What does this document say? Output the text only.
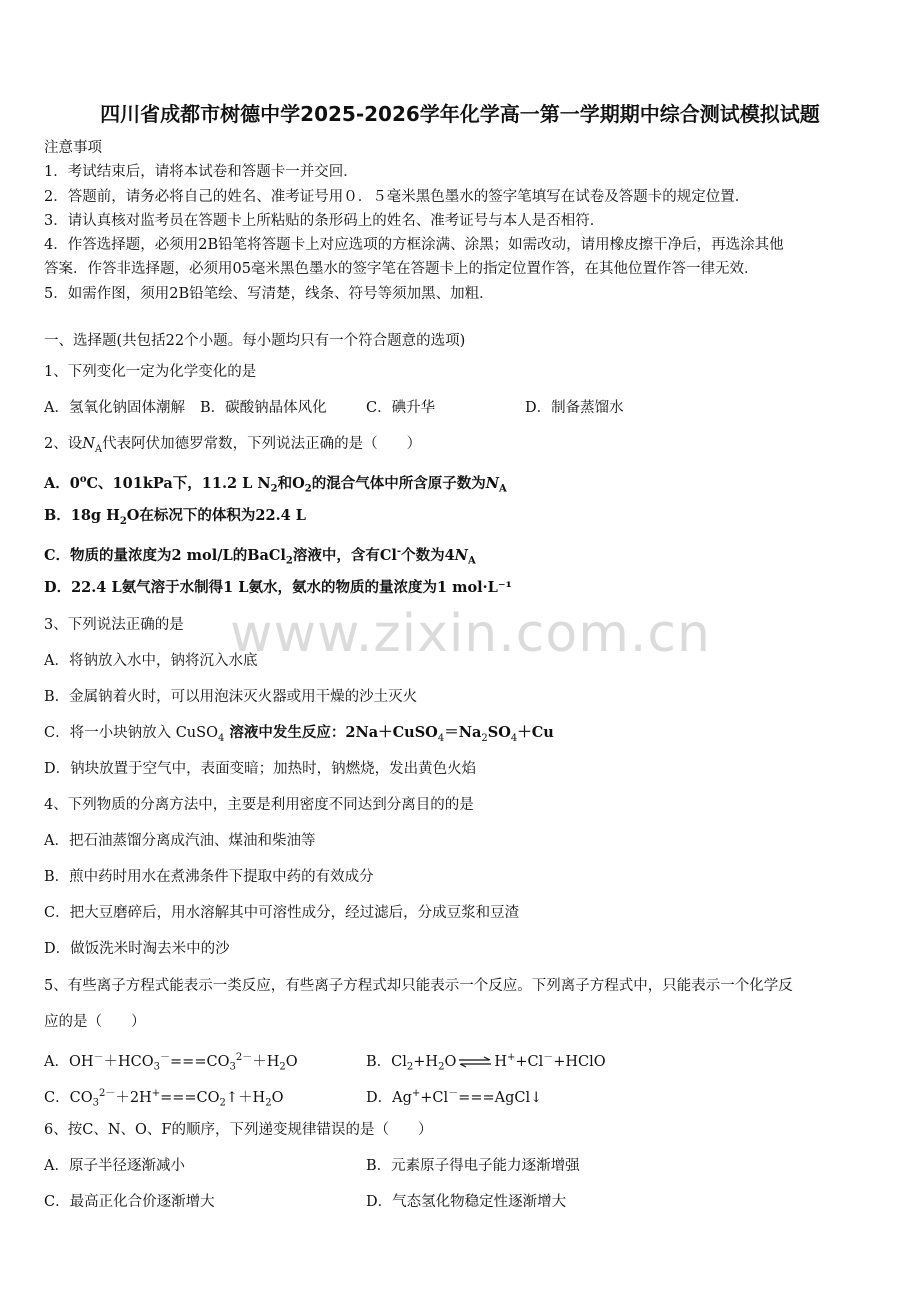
www.zixin.com.cn
四川省成都市树德中学2025-2026学年化学高一第一学期期中综合测试模拟试题
注意事项
1．考试结束后，请将本试卷和答题卡一并交回．
2．答题前，请务必将自己的姓名、准考证号用０．５毫米黑色墨水的签字笔填写在试卷及答题卡的规定位置．
3．请认真核对监考员在答题卡上所粘贴的条形码上的姓名、准考证号与本人是否相符．
4．作答选择题，必须用2B铅笔将答题卡上对应选项的方框涂满、涂黑；如需改动，请用橡皮擦干净后，再选涂其他
答案．作答非选择题，必须用05毫米黑色墨水的签字笔在答题卡上的指定位置作答，在其他位置作答一律无效．
5．如需作图，须用2B铅笔绘、写清楚，线条、符号等须加黑、加粗．
一、选择题(共包括22个小题。每小题均只有一个符合题意的选项)
1、下列变化一定为化学变化的是
A．氢氧化钠固体潮解 B．碳酸钠晶体风化	C．碘升华	D．制备蒸馏水
2、设$N_A$代表阿伏加德罗常数，下列说法正确的是（　　）
A．0$^o$C、101kPa下，11.2 L $N_2$和$O_2$的混合气体中所含原子数为$N_A$
B．18g $H_2O$在标况下的体积为22.4 L
C．物质的量浓度为2 mol/L的BaCl$_2$溶液中，含有Cl-个数为$4N_A$
D．22.4 L氨气溶于水制得1 L氨水，氨水的物质的量浓度为1 mol·L⁻¹
3、下列说法正确的是
A．将钠放入水中，钠将沉入水底
B．金属钠着火时，可以用泡沫灭火器或用干燥的沙土灭火
C．将一小块钠放入 CuSO$_4$ 溶液中发生反应：$2Na+CuSO_4=Na_2SO_4+Cu$
D．钠块放置于空气中，表面变暗；加热时，钠燃烧，发出黄色火焰
4、下列物质的分离方法中，主要是利用密度不同达到分离目的的是
A．把石油蒸馏分离成汽油、煤油和柴油等
B．煎中药时用水在煮沸条件下提取中药的有效成分
C．把大豆磨碎后，用水溶解其中可溶性成分，经过滤后，分成豆浆和豆渣
D．做饭洗米时淘去米中的沙
5、有些离子方程式能表示一类反应，有些离子方程式却只能表示一个反应。下列离子方程式中，只能表示一个化学反
应的是（　　）
A．$OH^-+HCO_3^-===CO_3^{2-}+H_2O$	B．$Cl_2+H_2O$ ⇌ H++Cl－+HClO
C．$CO_3^{2-}+2H^+===CO_2↑+H_2O$	D．Ag++Cl－===AgCl↓
6、按C、N、O、F的顺序，下列递变规律错误的是（　　）
A．原子半径逐渐减小	B．元素原子得电子能力逐渐增强
C．最高正化合价逐渐增大	D．气态氢化物稳定性逐渐增大
